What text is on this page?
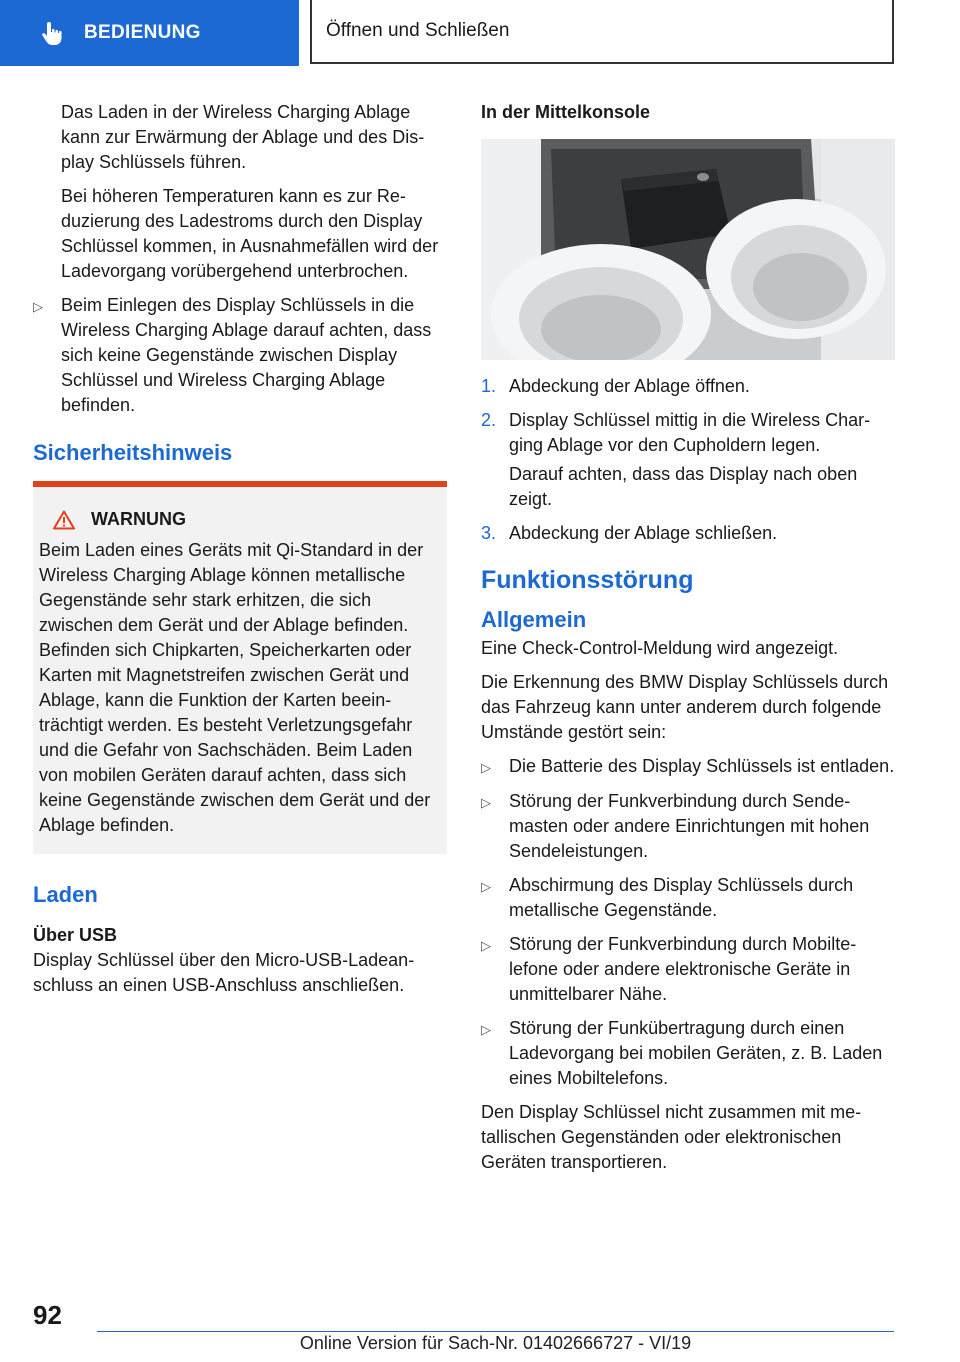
BEDIENUNG	Öffnen und Schließen

Das Laden in der Wireless Charging Ablage kann zur Erwärmung der Ablage und des Display Schlüssels führen.

Bei höheren Temperaturen kann es zur Reduzierung des Ladestroms durch den Display Schlüssel kommen, in Ausnahmefällen wird der Ladevorgang vorübergehend unterbrochen.

▷	Beim Einlegen des Display Schlüssels in die Wireless Charging Ablage darauf achten, dass sich keine Gegenstände zwischen Display Schlüssel und Wireless Charging Ablage befinden.
Sicherheitshinweis
WARNUNG
Beim Laden eines Geräts mit Qi-Standard in der Wireless Charging Ablage können metallische Gegenstände sehr stark erhitzen, die sich zwischen dem Gerät und der Ablage befinden. Befinden sich Chipkarten, Speicherkarten oder Karten mit Magnetstreifen zwischen Gerät und Ablage, kann die Funktion der Karten beeinträchtigt werden. Es besteht Verletzungsgefahr und die Gefahr von Sachschäden. Beim Laden von mobilen Geräten darauf achten, dass sich keine Gegenstände zwischen dem Gerät und der Ablage befinden.
Laden

Über USB

Display Schlüssel über den Micro-USB-Ladeanschluss an einen USB-Anschluss anschließen.

In der Mittelkonsole

1. Abdeckung der Ablage öffnen.
2. Display Schlüssel mittig in die Wireless Charging Ablage vor den Cupholdern legen.

Darauf achten, dass das Display nach oben zeigt.

3. Abdeckung der Ablage schließen.
Funktionsstörung
Allgemein

Eine Check-Control-Meldung wird angezeigt.

Die Erkennung des BMW Display Schlüssels durch das Fahrzeug kann unter anderem durch folgende Umstände gestört sein:

▷	Die Batterie des Display Schlüssels ist entladen.
▷	Störung der Funkverbindung durch Sendemasten oder andere Einrichtungen mit hohen Sendeleistungen.
▷	Abschirmung des Display Schlüssels durch metallische Gegenstände.
▷	Störung der Funkverbindung durch Mobiltelefone oder andere elektronische Geräte in unmittelbarer Nähe.
▷	Störung der Funkübertragung durch einen Ladevorgang bei mobilen Geräten, z. B. Laden eines Mobiltelefons.

Den Display Schlüssel nicht zusammen mit metallischen Gegenständen oder elektronischen Geräten transportieren.

92
Online Version für Sach-Nr. 01402666727 - VI/19
